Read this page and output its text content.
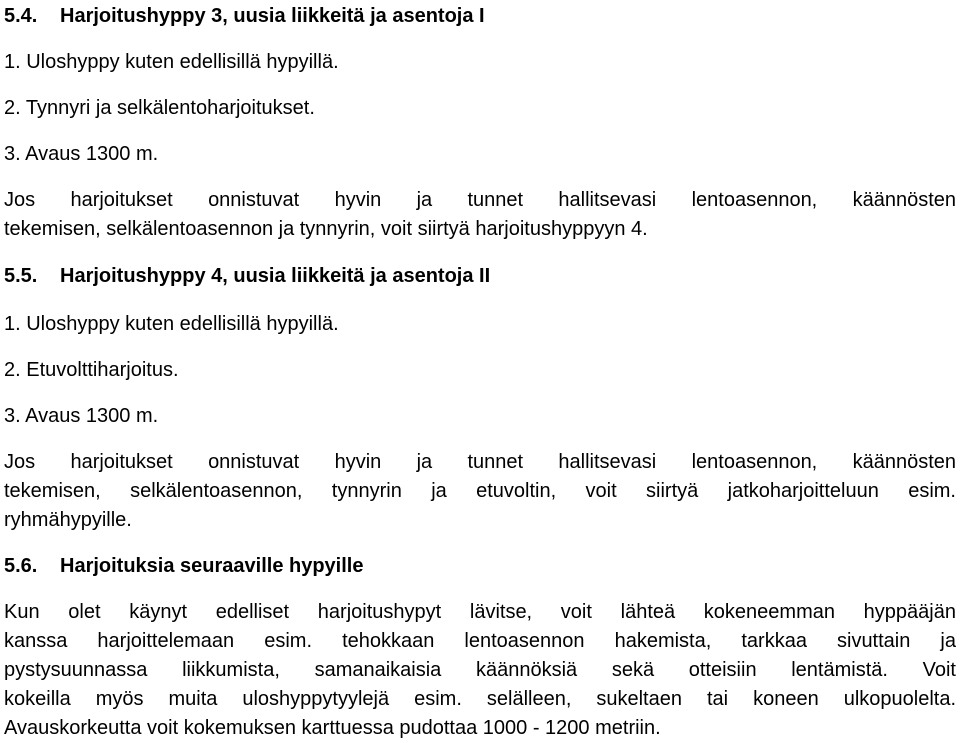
5.4. Harjoitushyppy 3, uusia liikkeitä ja asentoja I
1. Uloshyppy kuten edellisillä hypyillä.
2. Tynnyri ja selkälentoharjoitukset.
3. Avaus 1300 m.
Jos harjoitukset onnistuvat hyvin ja tunnet hallitsevasi lentoasennon, käännösten
tekemisen, selkälentoasennon ja tynnyrin, voit siirtyä harjoitushyppyyn 4.
5.5. Harjoitushyppy 4, uusia liikkeitä ja asentoja II
1. Uloshyppy kuten edellisillä hypyillä.
2. Etuvolttiharjoitus.
3. Avaus 1300 m.
Jos harjoitukset onnistuvat hyvin ja tunnet hallitsevasi lentoasennon, käännösten
tekemisen, selkälentoasennon, tynnyrin ja etuvoltin, voit siirtyä jatkoharjoitteluun esim.
ryhmähypyille.
5.6. Harjoituksia seuraaville hypyille
Kun olet käynyt edelliset harjoitushypyt lävitse, voit lähteä kokeneemman hyppääjän
kanssa harjoittelemaan esim. tehokkaan lentoasennon hakemista, tarkkaa sivuttain ja
pystysuunnassa liikkumista, samanaikaisia käännöksiä sekä otteisiin lentämistä. Voit
kokeilla myös muita uloshyppytyylejä esim. selälleen, sukeltaen tai koneen ulkopuolelta.
Avauskorkeutta voit kokemuksen karttuessa pudottaa 1000 - 1200 metriin.
